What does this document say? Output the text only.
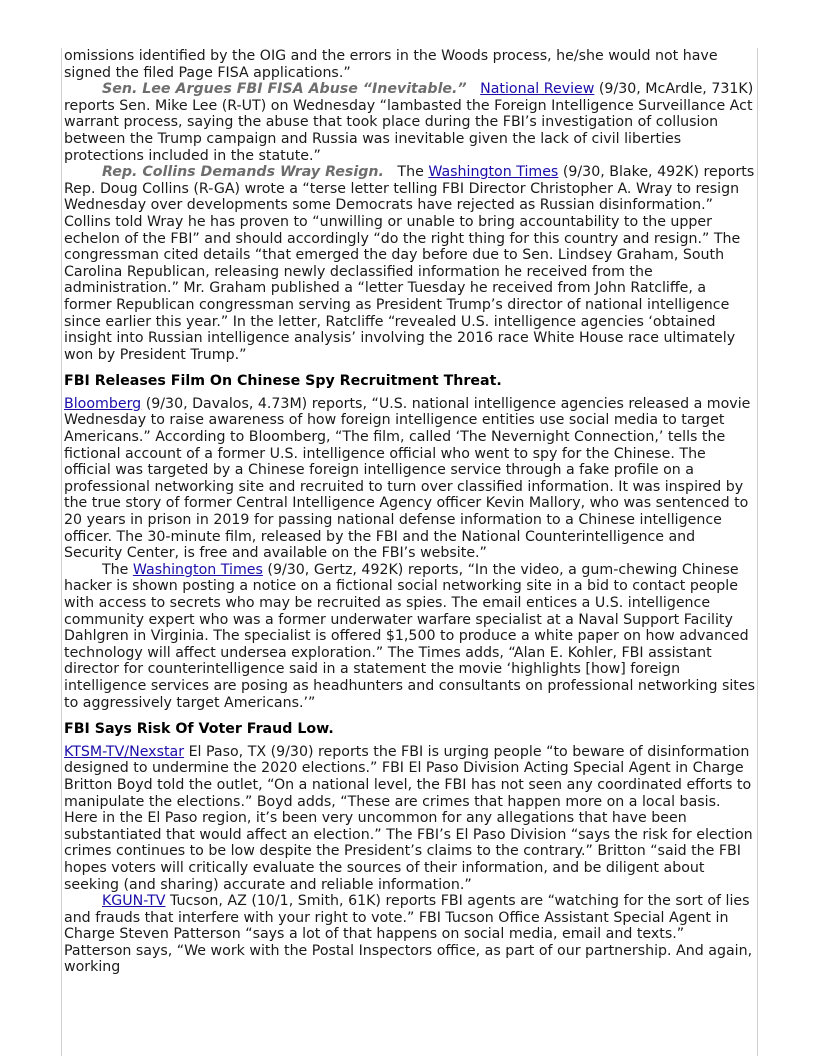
omissions identified by the OIG and the errors in the Woods process, he/she would not have signed the filed Page FISA applications.”

Sen. Lee Argues FBI FISA Abuse “Inevitable.” National Review (9/30, McArdle, 731K) reports Sen. Mike Lee (R-UT) on Wednesday “lambasted the Foreign Intelligence Surveillance Act warrant process, saying the abuse that took place during the FBI’s investigation of collusion between the Trump campaign and Russia was inevitable given the lack of civil liberties protections included in the statute.”

Rep. Collins Demands Wray Resign. The Washington Times (9/30, Blake, 492K) reports Rep. Doug Collins (R-GA) wrote a “terse letter telling FBI Director Christopher A. Wray to resign Wednesday over developments some Democrats have rejected as Russian disinformation.” Collins told Wray he has proven to “unwilling or unable to bring accountability to the upper echelon of the FBI” and should accordingly “do the right thing for this country and resign.” The congressman cited details “that emerged the day before due to Sen. Lindsey Graham, South Carolina Republican, releasing newly declassified information he received from the administration.” Mr. Graham published a “letter Tuesday he received from John Ratcliffe, a former Republican congressman serving as President Trump’s director of national intelligence since earlier this year.” In the letter, Ratcliffe “revealed U.S. intelligence agencies ‘obtained insight into Russian intelligence analysis’ involving the 2016 race White House race ultimately won by President Trump.”

FBI Releases Film On Chinese Spy Recruitment Threat.

Bloomberg (9/30, Davalos, 4.73M) reports, “U.S. national intelligence agencies released a movie Wednesday to raise awareness of how foreign intelligence entities use social media to target Americans.” According to Bloomberg, “The film, called ‘The Nevernight Connection,’ tells the fictional account of a former U.S. intelligence official who went to spy for the Chinese. The official was targeted by a Chinese foreign intelligence service through a fake profile on a professional networking site and recruited to turn over classified information. It was inspired by the true story of former Central Intelligence Agency officer Kevin Mallory, who was sentenced to 20 years in prison in 2019 for passing national defense information to a Chinese intelligence officer. The 30-minute film, released by the FBI and the National Counterintelligence and Security Center, is free and available on the FBI’s website.”

The Washington Times (9/30, Gertz, 492K) reports, “In the video, a gum-chewing Chinese hacker is shown posting a notice on a fictional social networking site in a bid to contact people with access to secrets who may be recruited as spies. The email entices a U.S. intelligence community expert who was a former underwater warfare specialist at a Naval Support Facility Dahlgren in Virginia. The specialist is offered $1,500 to produce a white paper on how advanced technology will affect undersea exploration.” The Times adds, “Alan E. Kohler, FBI assistant director for counterintelligence said in a statement the movie ‘highlights [how] foreign intelligence services are posing as headhunters and consultants on professional networking sites to aggressively target Americans.’”

FBI Says Risk Of Voter Fraud Low.

KTSM-TV/Nexstar El Paso, TX (9/30) reports the FBI is urging people “to beware of disinformation designed to undermine the 2020 elections.” FBI El Paso Division Acting Special Agent in Charge Britton Boyd told the outlet, “On a national level, the FBI has not seen any coordinated efforts to manipulate the elections.” Boyd adds, “These are crimes that happen more on a local basis. Here in the El Paso region, it’s been very uncommon for any allegations that have been substantiated that would affect an election.” The FBI’s El Paso Division “says the risk for election crimes continues to be low despite the President’s claims to the contrary.” Britton “said the FBI hopes voters will critically evaluate the sources of their information, and be diligent about seeking (and sharing) accurate and reliable information.”

KGUN-TV Tucson, AZ (10/1, Smith, 61K) reports FBI agents are “watching for the sort of lies and frauds that interfere with your right to vote.” FBI Tucson Office Assistant Special Agent in Charge Steven Patterson “says a lot of that happens on social media, email and texts.” Patterson says, “We work with the Postal Inspectors office, as part of our partnership. And again, working
